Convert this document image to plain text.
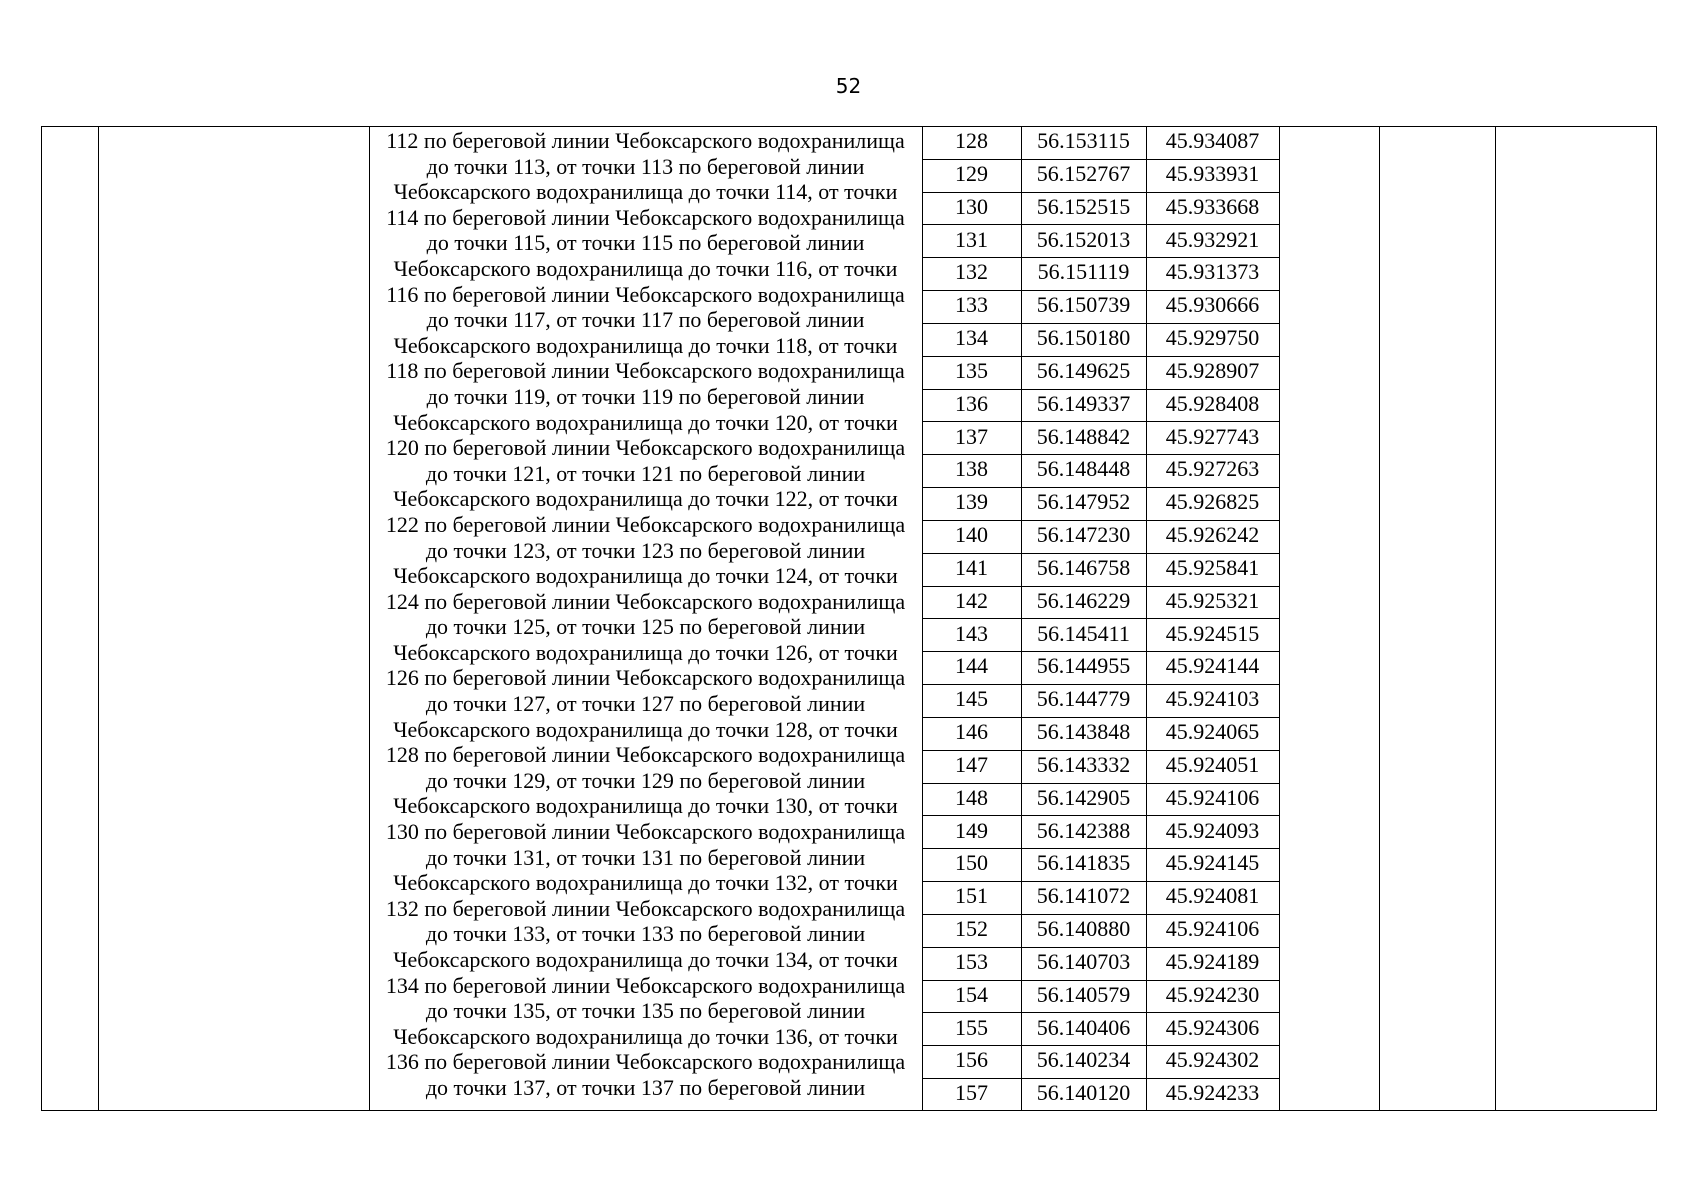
52
112 по береговой линии Чебоксарского водохранилища
до точки 113, от точки 113 по береговой линии
Чебоксарского водохранилища до точки 114, от точки
114 по береговой линии Чебоксарского водохранилища
до точки 115, от точки 115 по береговой линии
Чебоксарского водохранилища до точки 116, от точки
116 по береговой линии Чебоксарского водохранилища
до точки 117, от точки 117 по береговой линии
Чебоксарского водохранилища до точки 118, от точки
118 по береговой линии Чебоксарского водохранилища
до точки 119, от точки 119 по береговой линии
Чебоксарского водохранилища до точки 120, от точки
120 по береговой линии Чебоксарского водохранилища
до точки 121, от точки 121 по береговой линии
Чебоксарского водохранилища до точки 122, от точки
122 по береговой линии Чебоксарского водохранилища
до точки 123, от точки 123 по береговой линии
Чебоксарского водохранилища до точки 124, от точки
124 по береговой линии Чебоксарского водохранилища
до точки 125, от точки 125 по береговой линии
Чебоксарского водохранилища до точки 126, от точки
126 по береговой линии Чебоксарского водохранилища
до точки 127, от точки 127 по береговой линии
Чебоксарского водохранилища до точки 128, от точки
128 по береговой линии Чебоксарского водохранилища
до точки 129, от точки 129 по береговой линии
Чебоксарского водохранилища до точки 130, от точки
130 по береговой линии Чебоксарского водохранилища
до точки 131, от точки 131 по береговой линии
Чебоксарского водохранилища до точки 132, от точки
132 по береговой линии Чебоксарского водохранилища
до точки 133, от точки 133 по береговой линии
Чебоксарского водохранилища до точки 134, от точки
134 по береговой линии Чебоксарского водохранилища
до точки 135, от точки 135 по береговой линии
Чебоксарского водохранилища до точки 136, от точки
136 по береговой линии Чебоксарского водохранилища
до точки 137, от точки 137 по береговой линии
128	56.153115	45.934087
129	56.152767	45.933931
130	56.152515	45.933668
131	56.152013	45.932921
132	56.151119	45.931373
133	56.150739	45.930666
134	56.150180	45.929750
135	56.149625	45.928907
136	56.149337	45.928408
137	56.148842	45.927743
138	56.148448	45.927263
139	56.147952	45.926825
140	56.147230	45.926242
141	56.146758	45.925841
142	56.146229	45.925321
143	56.145411	45.924515
144	56.144955	45.924144
145	56.144779	45.924103
146	56.143848	45.924065
147	56.143332	45.924051
148	56.142905	45.924106
149	56.142388	45.924093
150	56.141835	45.924145
151	56.141072	45.924081
152	56.140880	45.924106
153	56.140703	45.924189
154	56.140579	45.924230
155	56.140406	45.924306
156	56.140234	45.924302
157	56.140120	45.924233
